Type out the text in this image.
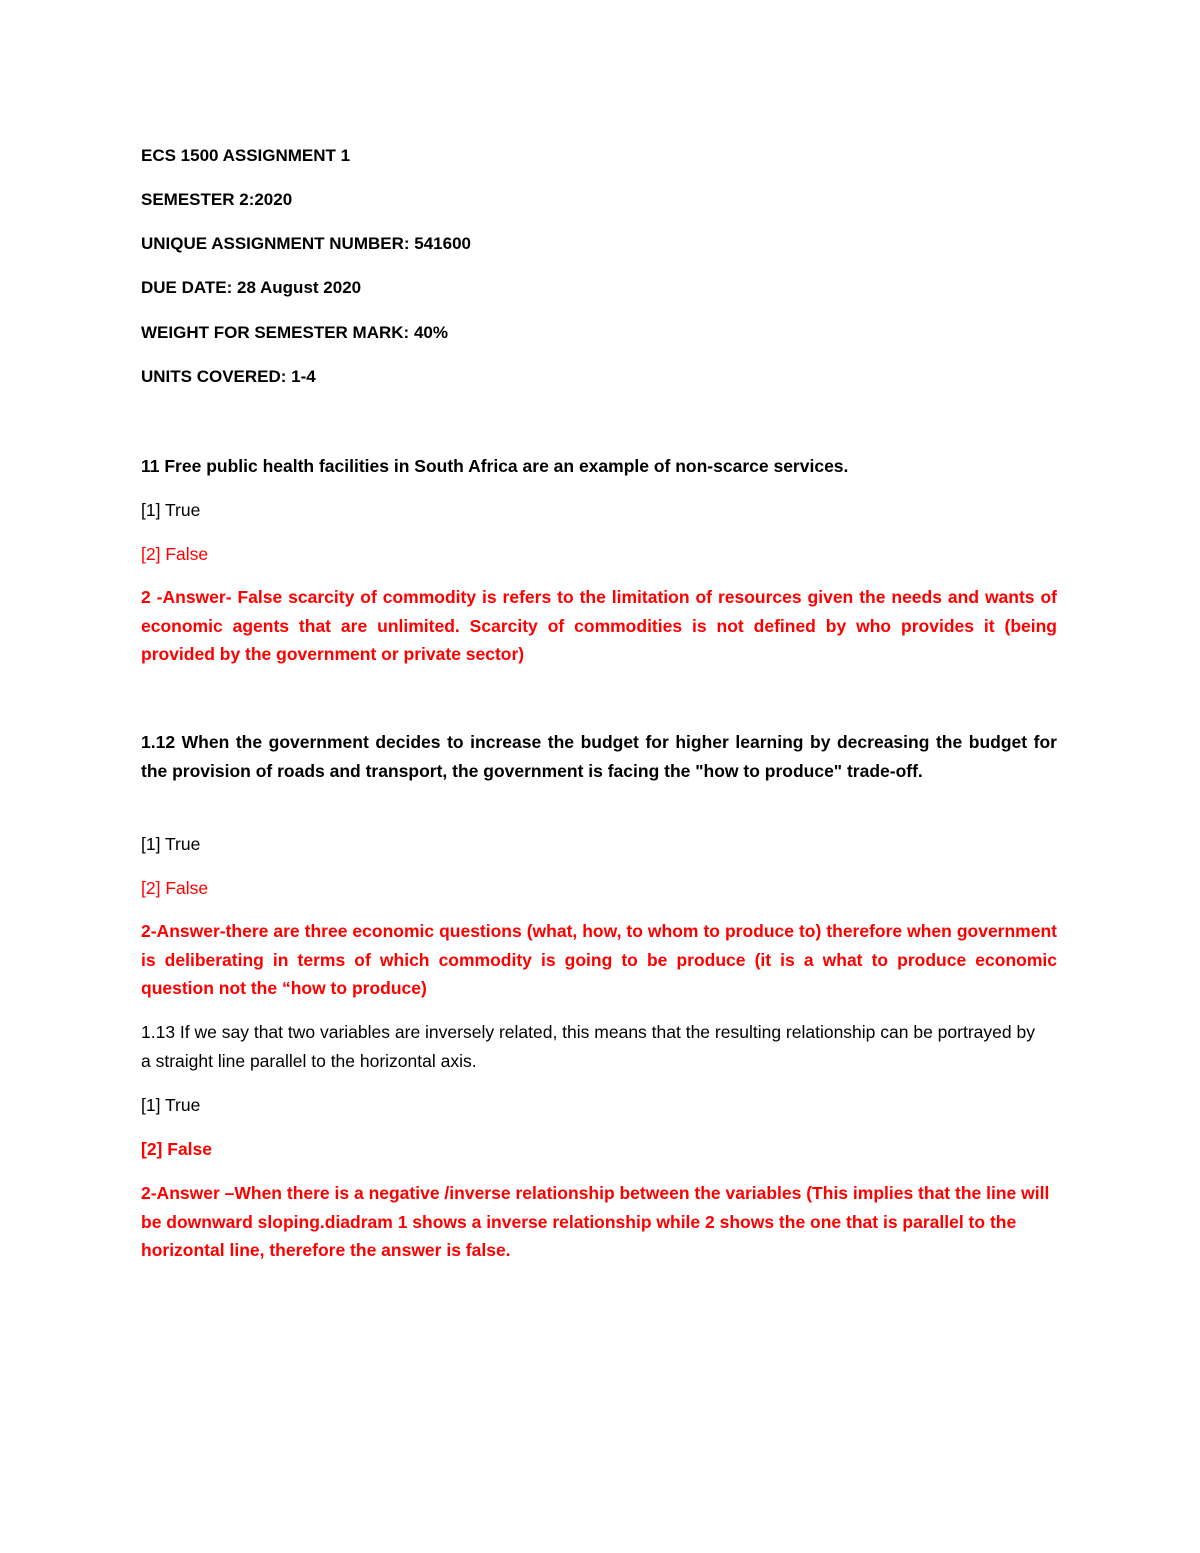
ECS 1500 ASSIGNMENT 1
SEMESTER 2:2020
UNIQUE ASSIGNMENT NUMBER: 541600
DUE DATE: 28 August 2020
WEIGHT FOR SEMESTER MARK: 40%
UNITS COVERED: 1-4

11 Free public health facilities in South Africa are an example of non-scarce services.

[1] True
[2] False

2 -Answer- False scarcity of commodity is refers to the limitation of resources given the needs and wants of economic agents that are unlimited. Scarcity of commodities is not defined by who provides it (being provided by the government or private sector)

1.12 When the government decides to increase the budget for higher learning by decreasing the budget for the provision of roads and transport, the government is facing the "how to produce" trade-off.

[1] True
[2] False

2-Answer-there are three economic questions (what, how, to whom to produce to) therefore when government is deliberating in terms of which commodity is going to be produce (it is a what to produce economic question not the “how to produce)

1.13 If we say that two variables are inversely related, this means that the resulting relationship can be portrayed by a straight line parallel to the horizontal axis.

[1] True
[2] False

2-Answer –When there is a negative /inverse relationship between the variables (This implies that the line will be downward sloping.diadram 1 shows a inverse relationship while 2 shows the one that is parallel to the horizontal line, therefore the answer is false.
